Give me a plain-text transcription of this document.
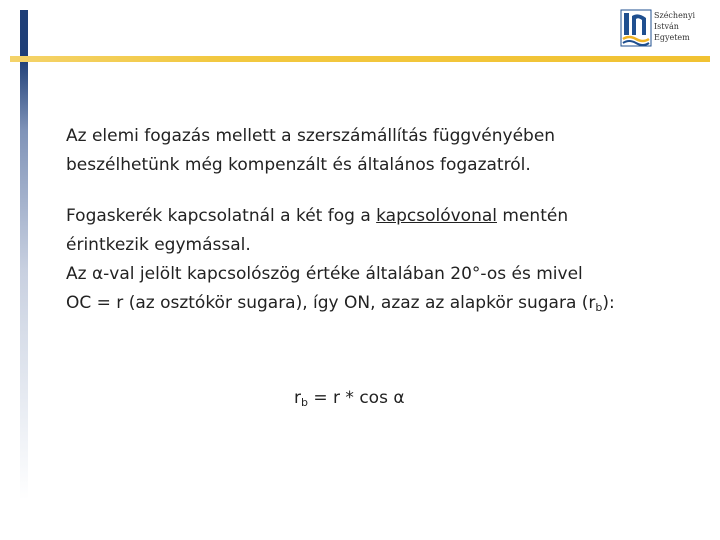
Széchenyi
István
Egyetem

Az elemi fogazás mellett a szerszámállítás függvényében
beszélhetünk még kompenzált és általános fogazatról.

Fogaskerék kapcsolatnál a két fog a kapcsolóvonal mentén
érintkezik egymással.
Az α-val jelölt kapcsolószög értéke általában 20°-os és mivel
OC = r (az osztókör sugara), így ON, azaz az alapkör sugara $(r_b)$:

$r_b = r * \cos \alpha$
